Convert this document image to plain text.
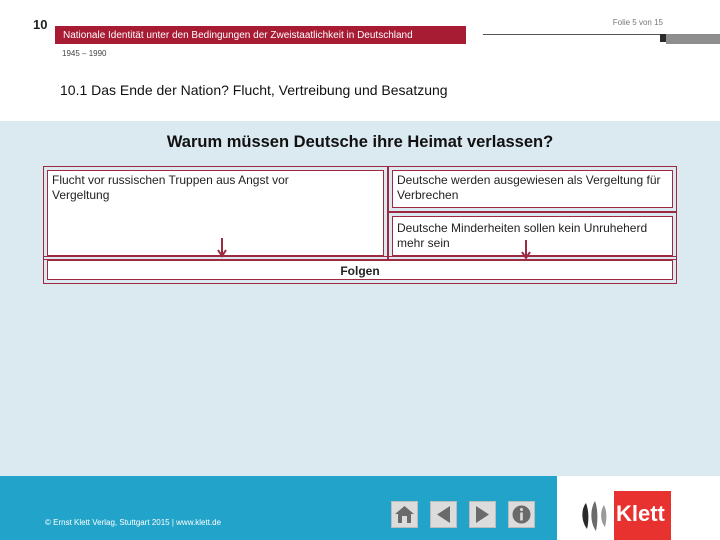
10	Folie 5 von 15
Nationale Identität unter den Bedingungen der Zweistaatlichkeit in Deutschland
1945 – 1990
10.1 Das Ende der Nation? Flucht, Vertreibung und Besatzung
Warum müssen Deutsche ihre Heimat verlassen?
Flucht vor russischen Truppen aus Angst vor Vergeltung
Deutsche werden ausgewiesen als Vergeltung für Verbrechen
Deutsche Minderheiten sollen kein Unruheherd mehr sein
Folgen
© Ernst Klett Verlag, Stuttgart 2015 | www.klett.de	Klett
